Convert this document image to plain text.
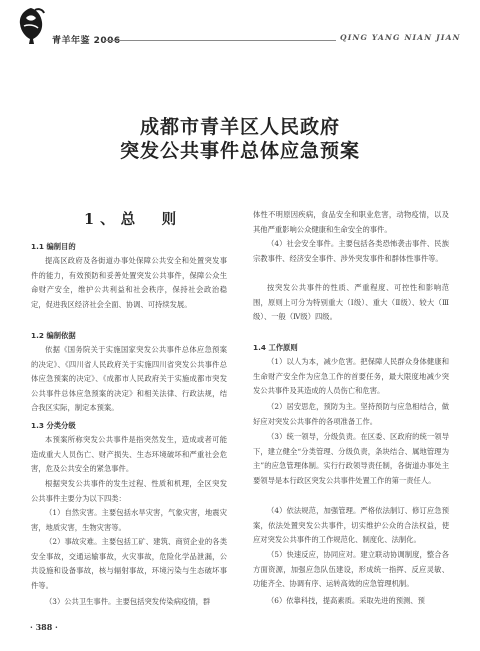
青羊年鉴 2006	QING YANG NIAN JIAN
成都市青羊区人民政府
突发公共事件总体应急预案
1、总　则

1.1 编制目的

提高区政府及各街道办事处保障公共安全和处置突发事件的能力，有效预防和妥善处置突发公共事件，保障公众生命财产安全，维护公共利益和社会秩序，保持社会政治稳定，促进我区经济社会全面、协调、可持续发展。

1.2 编制依据

依据《国务院关于实施国家突发公共事件总体应急预案的决定》、《四川省人民政府关于实施四川省突发公共事件总体应急预案的决定》、《成都市人民政府关于实施成都市突发公共事件总体应急预案的决定》和相关法律、行政法规，结合我区实际，制定本预案。

1.3 分类分级

本预案所称突发公共事件是指突然发生，造成或者可能造成重大人员伤亡、财产损失、生态环境破坏和严重社会危害，危及公共安全的紧急事件。

根据突发公共事件的发生过程、性质和机理，全区突发公共事件主要分为以下四类：

（1）自然灾害。主要包括水旱灾害，气象灾害，地震灾害，地质灾害，生物灾害等。

（2）事故灾难。主要包括工矿、建筑、商贸企业的各类安全事故，交通运输事故，火灾事故，危险化学品泄漏，公共设施和设备事故，核与辐射事故，环境污染与生态破坏事件等。

（3）公共卫生事件。主要包括突发传染病疫情，群

体性不明原因疾病，食品安全和职业危害，动物疫情，以及其他严重影响公众健康和生命安全的事件。

（4）社会安全事件。主要包括各类恐怖袭击事件、民族宗教事件、经济安全事件、涉外突发事件和群体性事件等。

按突发公共事件的性质、严重程度、可控性和影响范围，原则上可分为特别重大（Ⅰ级）、重大（Ⅱ级）、较大（Ⅲ级）、一般（Ⅳ级）四级。

1.4 工作原则

（1）以人为本，减少危害。把保障人民群众身体健康和生命财产安全作为应急工作的首要任务，最大限度地减少突发公共事件及其造成的人员伤亡和危害。

（2）居安思危，预防为主。坚持预防与应急相结合，做好应对突发公共事件的各项准备工作。

（3）统一领导，分级负责。在区委、区政府的统一领导下，建立健全“分类管理、分级负责，条块结合、属地管理为主”的应急管理体制。实行行政领导责任制，各街道办事处主要领导是本行政区突发公共事件处置工作的第一责任人。

（4）依法规范，加强管理。严格依法制订、修订应急预案，依法处置突发公共事件，切实维护公众的合法权益，使应对突发公共事件的工作规范化、制度化、法制化。

（5）快速反应，协同应对。建立联动协调制度，整合各方面资源，加强应急队伍建设，形成统一指挥、反应灵敏、功能齐全、协调有序、运转高效的应急管理机制。

（6）依靠科技，提高素质。采取先进的预测、预

· 388 ·
